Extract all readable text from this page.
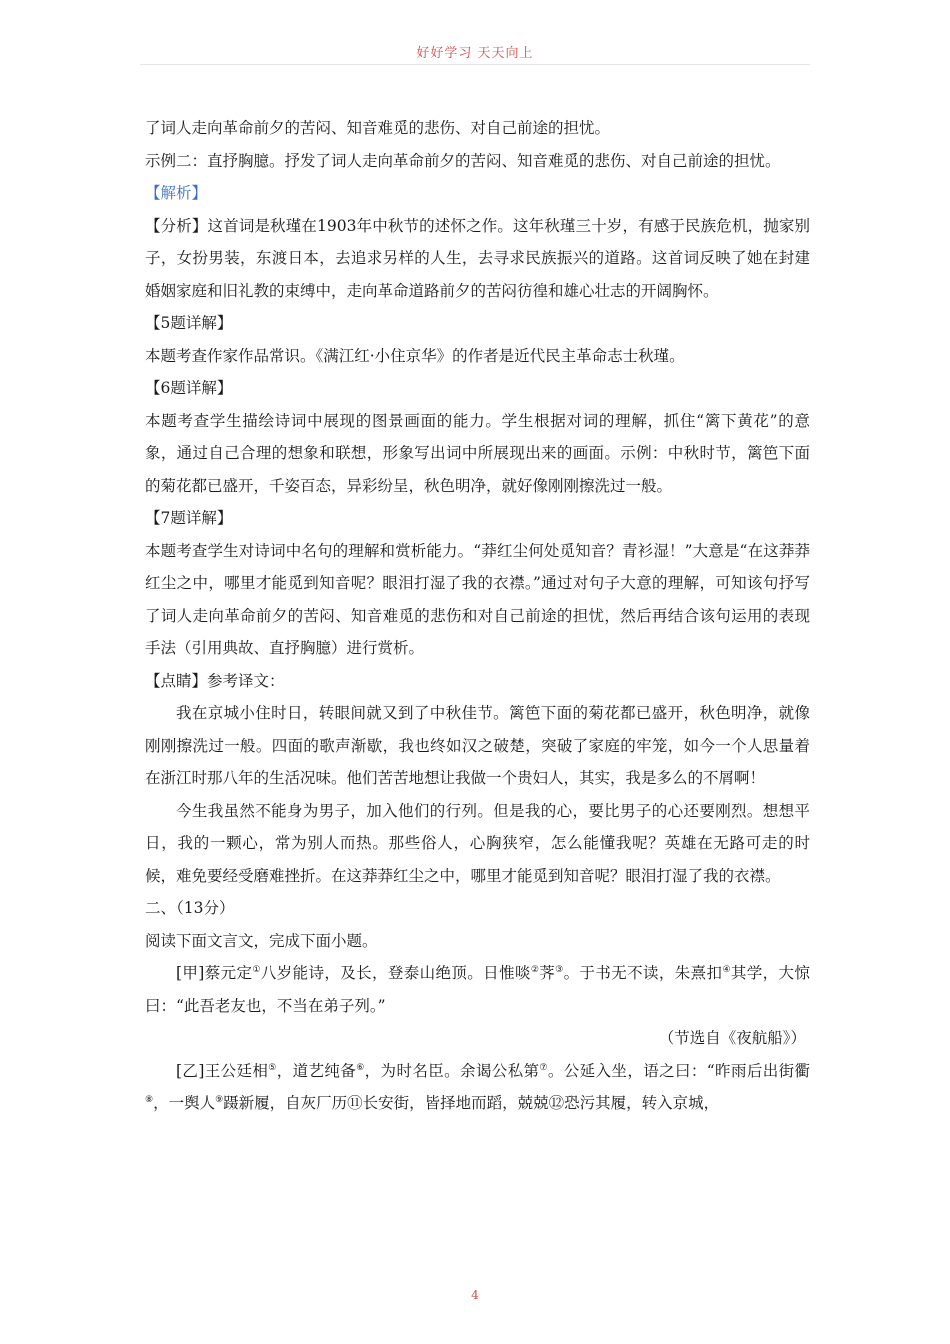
好好学习 天天向上

了词人走向革命前夕的苦闷、知音难觅的悲伤、对自己前途的担忧。

示例二：直抒胸臆。抒发了词人走向革命前夕的苦闷、知音难觅的悲伤、对自己前途的担忧。

【解析】

【分析】这首词是秋瑾在1903年中秋节的述怀之作。这年秋瑾三十岁，有感于民族危机，抛家别子，女扮男装，东渡日本，去追求另样的人生，去寻求民族振兴的道路。这首词反映了她在封建婚姻家庭和旧礼教的束缚中，走向革命道路前夕的苦闷彷徨和雄心壮志的开阔胸怀。

【5题详解】

本题考查作家作品常识。《满江红·小住京华》的作者是近代民主革命志士秋瑾。

【6题详解】

本题考查学生描绘诗词中展现的图景画面的能力。学生根据对词的理解，抓住“篱下黄花”的意象，通过自己合理的想象和联想，形象写出词中所展现出来的画面。示例：中秋时节，篱笆下面的菊花都已盛开，千姿百态，异彩纷呈，秋色明净，就好像刚刚擦洗过一般。

【7题详解】

本题考查学生对诗词中名句的理解和赏析能力。“莽红尘何处觅知音？青衫湿！”大意是“在这莽莽红尘之中，哪里才能觅到知音呢？眼泪打湿了我的衣襟。”通过对句子大意的理解，可知该句抒写了词人走向革命前夕的苦闷、知音难觅的悲伤和对自己前途的担忧，然后再结合该句运用的表现手法（引用典故、直抒胸臆）进行赏析。

【点睛】参考译文：

我在京城小住时日，转眼间就又到了中秋佳节。篱笆下面的菊花都已盛开，秋色明净，就像刚刚擦洗过一般。四面的歌声渐歇，我也终如汉之破楚，突破了家庭的牢笼，如今一个人思量着在浙江时那八年的生活况味。他们苦苦地想让我做一个贵妇人，其实，我是多么的不屑啊！

今生我虽然不能身为男子，加入他们的行列。但是我的心，要比男子的心还要刚烈。想想平日，我的一颗心，常为别人而热。那些俗人，心胸狭窄，怎么能懂我呢？英雄在无路可走的时候，难免要经受磨难挫折。在这莽莽红尘之中，哪里才能觅到知音呢？眼泪打湿了我的衣襟。

二、（13分）

阅读下面文言文，完成下面小题。

[甲]蔡元定①八岁能诗，及长，登泰山绝顶。日惟啖②荠③。于书无不读，朱熹扣④其学，大惊曰：“此吾老友也，不当在弟子列。”

（节选自《夜航船》）

[乙]王公廷相⑤，道艺纯备⑥，为时名臣。余谒公私第⑦。公延入坐，语之曰：“昨雨后出街衢⑧，一舆人⑨蹑新履，自灰厂历⑪长安街，皆择地而蹈，兢兢⑫恐污其履，转入京城，

4
